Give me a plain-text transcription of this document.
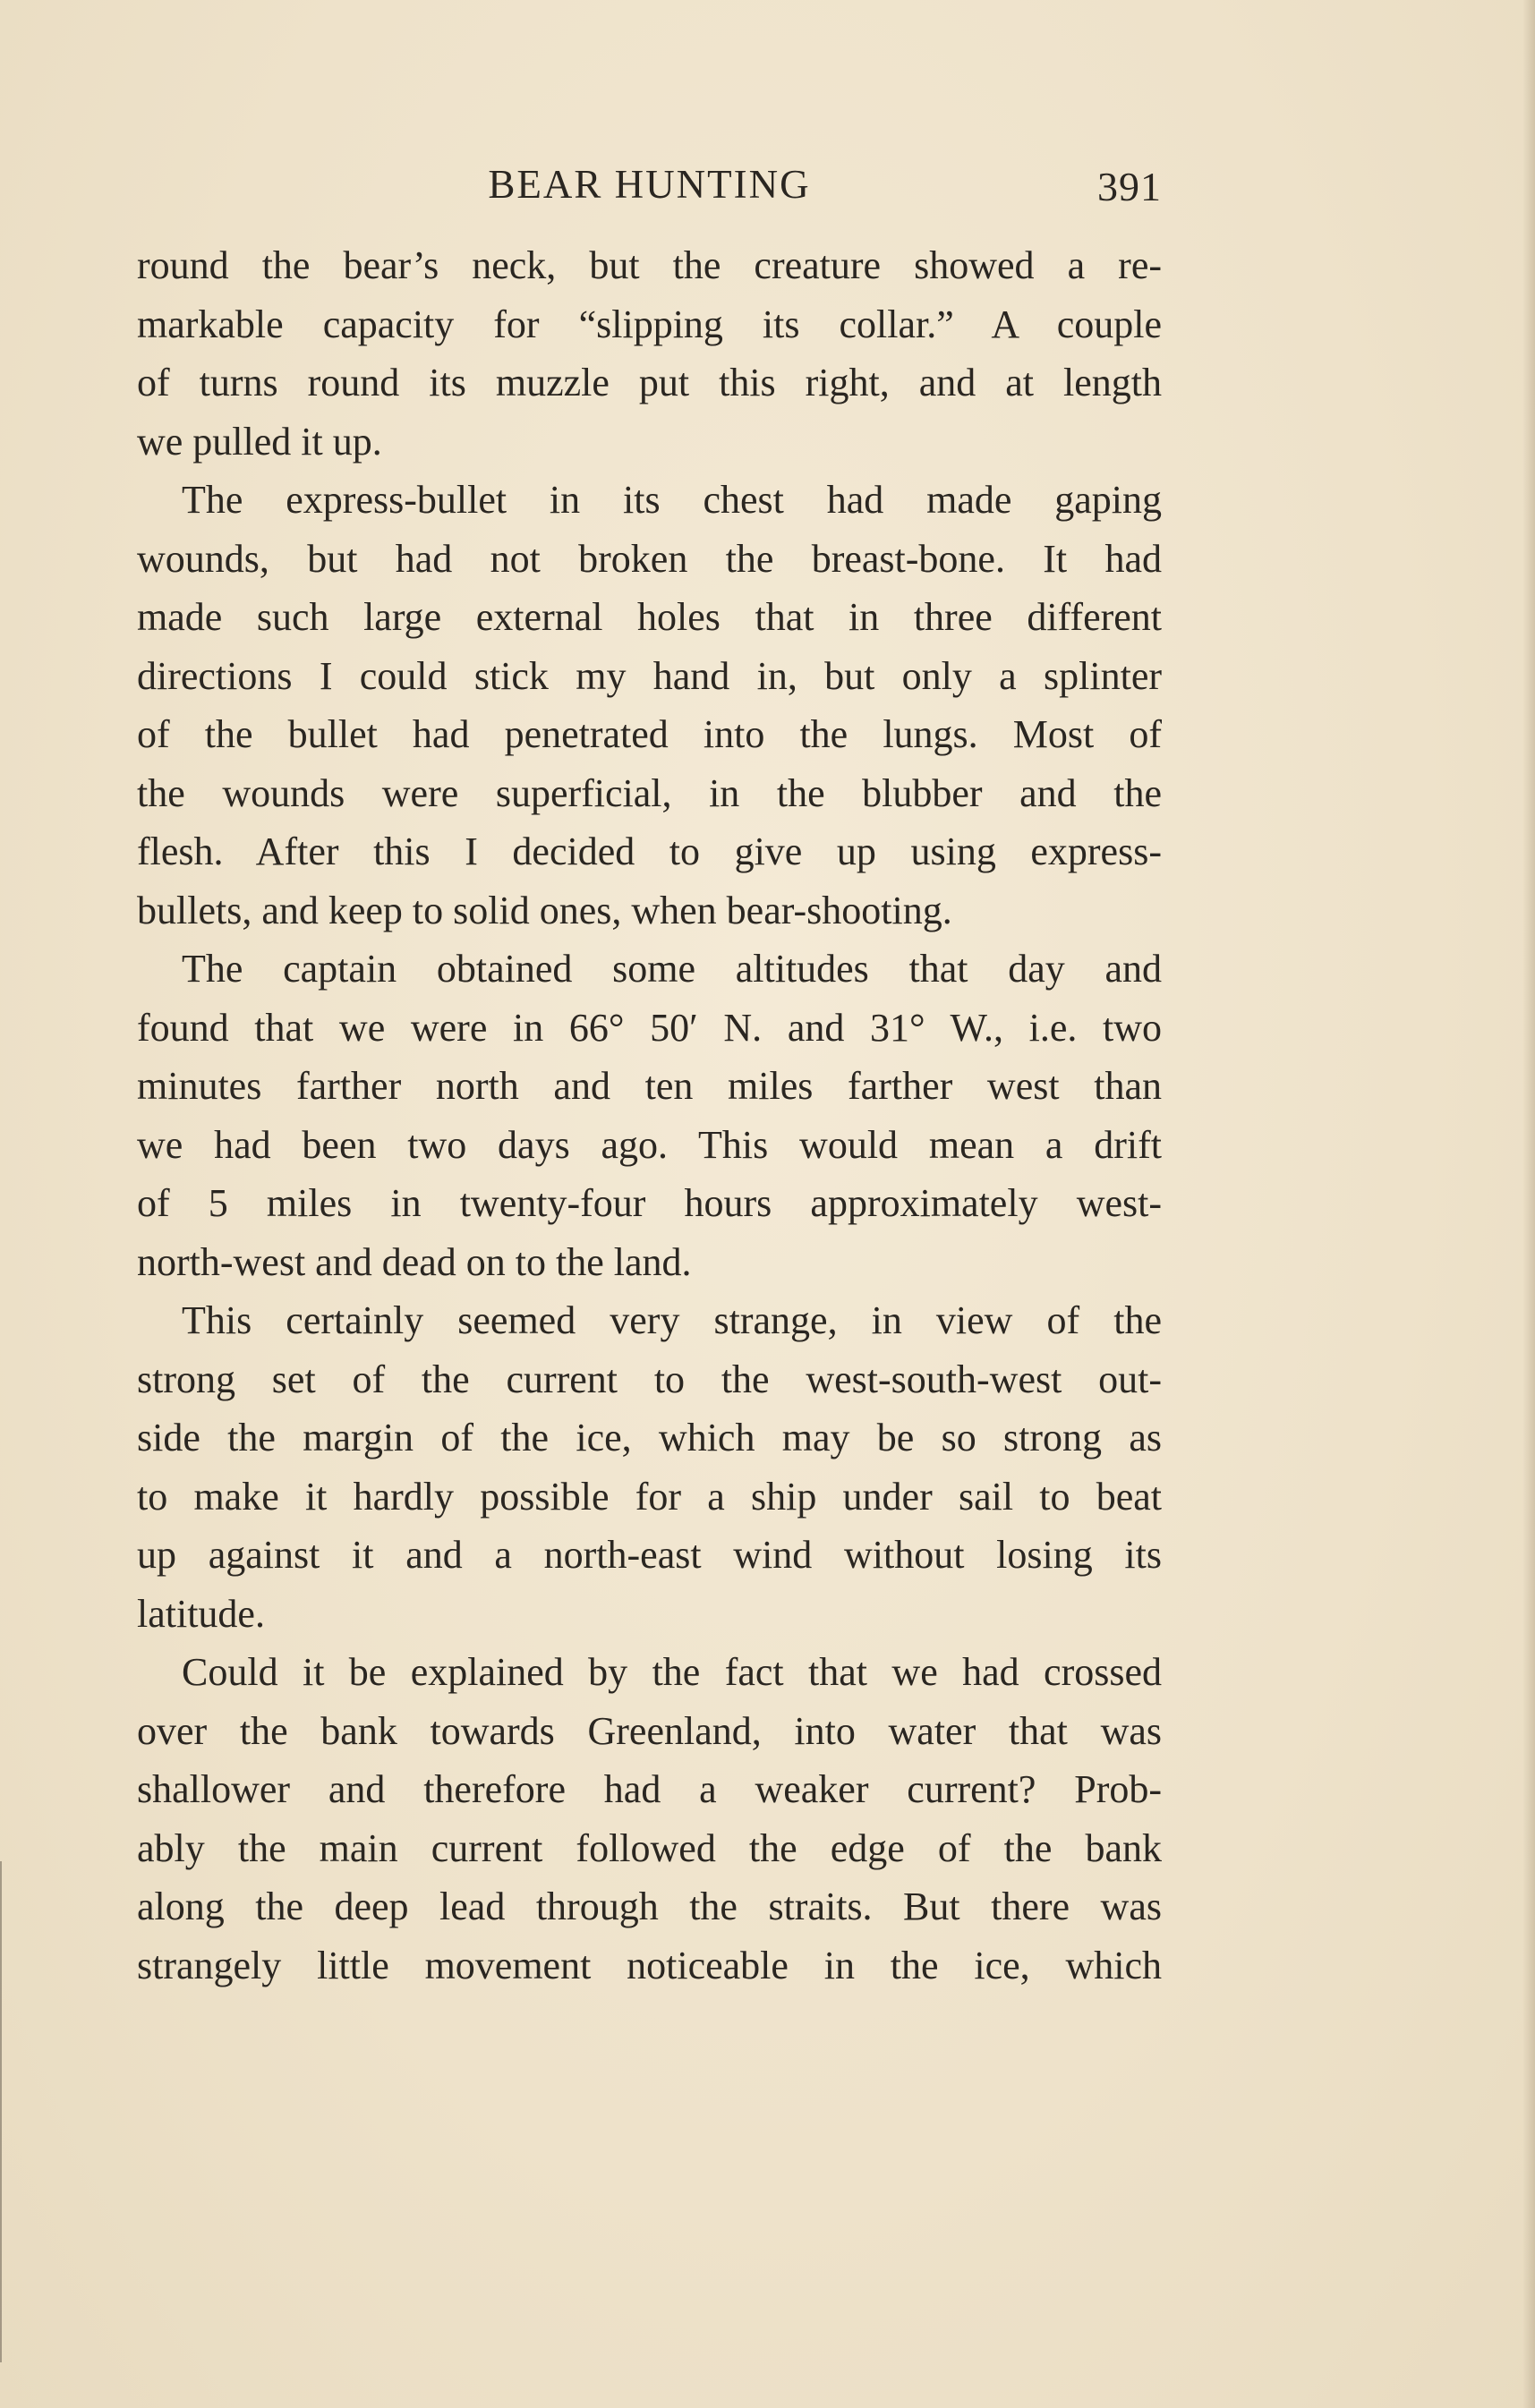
BEAR HUNTING	391
round the bear’s neck, but the creature showed a re-
markable capacity for “slipping its collar.” A couple
of turns round its muzzle put this right, and at length
we pulled it up.
The express-bullet in its chest had made gaping
wounds, but had not broken the breast-bone. It had
made such large external holes that in three different
directions I could stick my hand in, but only a splinter
of the bullet had penetrated into the lungs. Most of
the wounds were superficial, in the blubber and the
flesh. After this I decided to give up using express-
bullets, and keep to solid ones, when bear-shooting.
The captain obtained some altitudes that day and
found that we were in 66° 50′ N. and 31° W., i.e. two
minutes farther north and ten miles farther west than
we had been two days ago. This would mean a drift
of 5 miles in twenty-four hours approximately west-
north-west and dead on to the land.
This certainly seemed very strange, in view of the
strong set of the current to the west-south-west out-
side the margin of the ice, which may be so strong as
to make it hardly possible for a ship under sail to beat
up against it and a north-east wind without losing its
latitude.
Could it be explained by the fact that we had crossed
over the bank towards Greenland, into water that was
shallower and therefore had a weaker current? Prob-
ably the main current followed the edge of the bank
along the deep lead through the straits. But there was
strangely little movement noticeable in the ice, which
